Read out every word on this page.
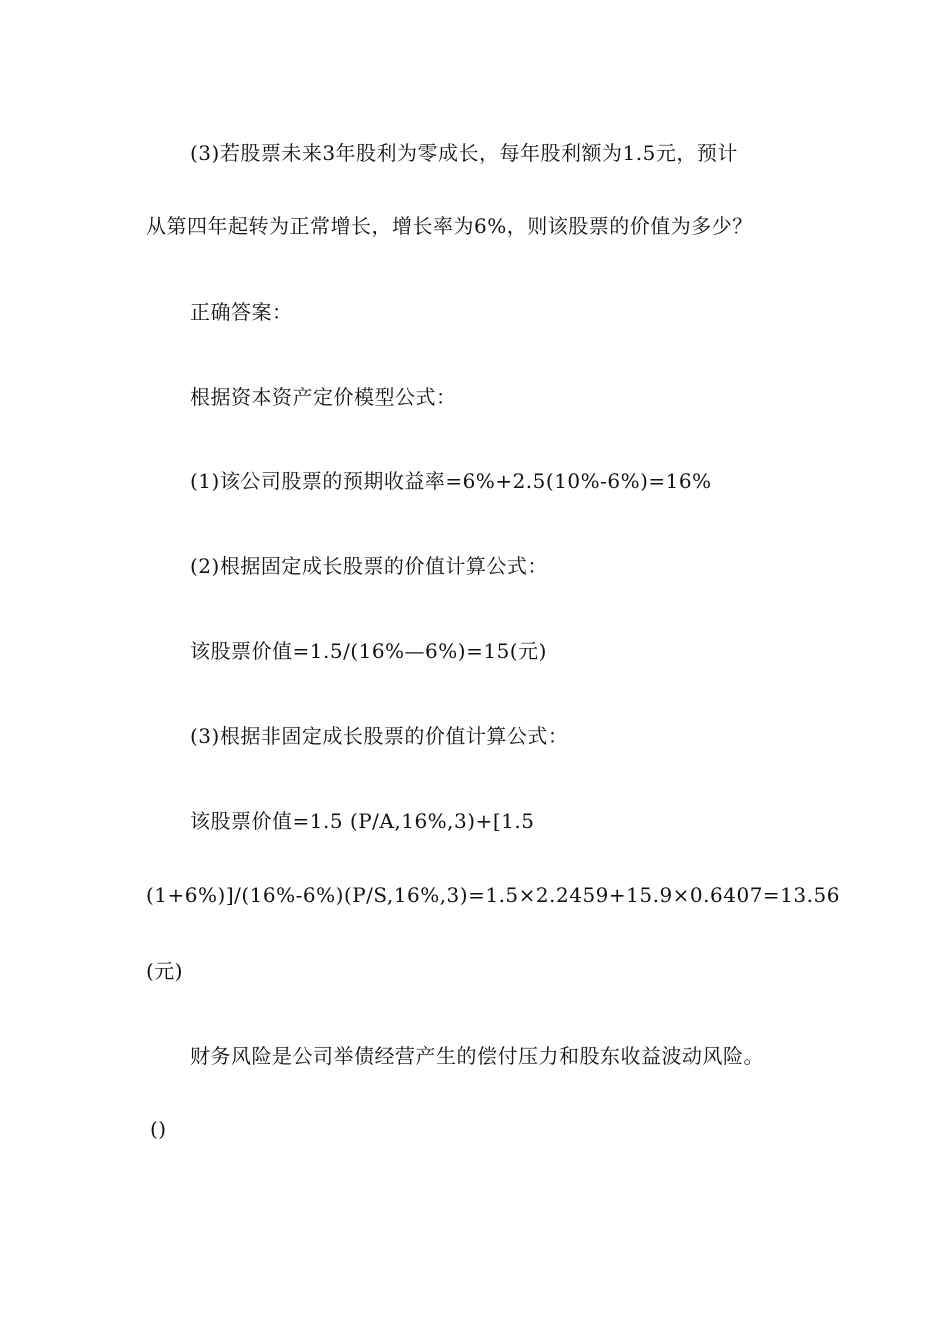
(3)若股票未来3年股利为零成长，每年股利额为1.5元，预计
从第四年起转为正常增长，增长率为6%，则该股票的价值为多少？
正确答案：
根据资本资产定价模型公式：
(1)该公司股票的预期收益率=6%+2.5(10%-6%)=16%
(2)根据固定成长股票的价值计算公式：
该股票价值=1.5/(16%—6%)=15(元)
(3)根据非固定成长股票的价值计算公式：
该股票价值=1.5 (P/A,16%,3)+[1.5
(1+6%)]/(16%-6%)(P/S,16%,3)=1.5×2.2459+15.9×0.6407=13.56
(元)
财务风险是公司举债经营产生的偿付压力和股东收益波动风险。
()
